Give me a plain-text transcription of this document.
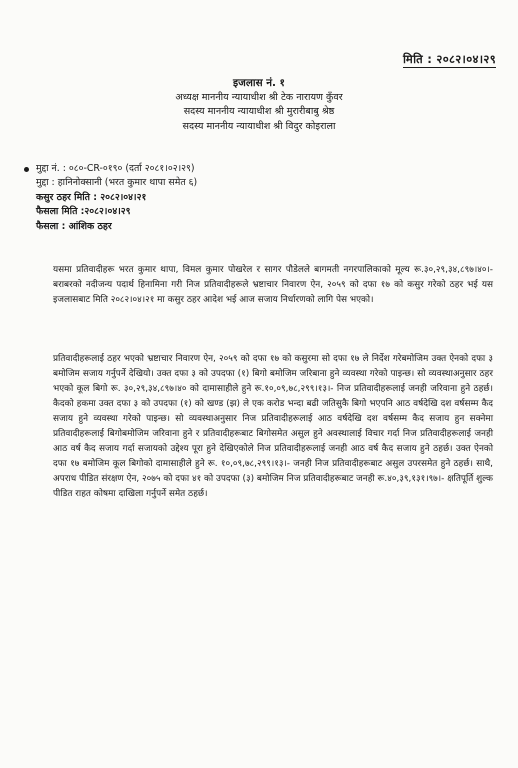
मिति : २०८२।०४।२९
इजलास नं. १
अध्यक्ष माननीय न्यायाधीश श्री टेक नारायण कुँवर
सदस्य माननीय न्यायाधीश श्री मुरारीबाबु श्रेष्ठ
सदस्य माननीय न्यायाधीश श्री विदुर कोइराला
मुद्दा नं. : ०८०-CR-०१९० (दर्ता २०८१।०२।२९)
मुद्दा : हानिनोक्सानी (भरत कुमार थापा समेत ६)
कसुर ठहर मिति : २०८२।०४।२१
फैसला मिति :२०८२।०४।२९
फैसला : आंशिक ठहर
यसमा प्रतिवादीहरू भरत कुमार थापा, विमल कुमार पोखरेल र सागर पौडेलले बागमती नगरपालिकाको मूल्य रू.३०,२९,३४,८९७।४०।- बराबरको नदीजन्य पदार्थ हिनामिना गरी निज प्रतिवादीहरूले भ्रष्टाचार निवारण ऐन, २०५९ को दफा १७ को कसुर गरेको ठहर भई यस इजलासबाट मिति २०८२।०४।२१ मा कसुर ठहर आदेश भई आज सजाय निर्धारणको लागि पेस भएको।
प्रतिवादीहरूलाई ठहर भएको भ्रष्टाचार निवारण ऐन, २०५९ को दफा १७ को कसुरमा सो दफा १७ ले निर्देश गरेबमोजिम उक्त ऐनको दफा ३ बमोजिम सजाय गर्नुपर्ने देखियो। उक्त दफा ३ को उपदफा (१) बिगो बमोजिम जरिबाना हुने व्यवस्था गरेको पाइन्छ। सो व्यवस्थाअनुसार ठहर भएको कूल बिगो रू. ३०,२९,३४,८९७।४० को दामासाहीले हुने रू.१०,०९,७८,२९९।१३।- निज प्रतिवादीहरूलाई जनही जरिवाना हुने ठहर्छ। कैदको हकमा उक्त दफा ३ को उपदफा (१) को खण्ड (झ) ले एक करोड भन्दा बढी जतिसुकै बिगो भएपनि आठ वर्षदेखि दश वर्षसम्म कैद सजाय हुने व्यवस्था गरेको पाइन्छ। सो व्यवस्थाअनुसार निज प्रतिवादीहरूलाई आठ वर्षदेखि दश वर्षसम्म कैद सजाय हुन सक्नेमा प्रतिवादीहरूलाई बिगोबमोजिम जरिवाना हुने र प्रतिवादीहरूबाट बिगोसमेत असुल हुने अवस्थालाई विचार गर्दा निज प्रतिवादीहरूलाई जनही आठ वर्ष कैद सजाय गर्दा सजायको उद्देश्य पूरा हुने देखिएकोले निज प्रतिवादीहरूलाई जनही आठ वर्ष कैद सजाय हुने ठहर्छ। उक्त ऐनको दफा १७ बमोजिम कूल बिगोको दामासाहीले हुने रू. १०,०९,७८,२९९।१३।- जनही निज प्रतिवादीहरूबाट असुल उपरसमेत हुने ठहर्छ। साथै, अपराध पीडित संरक्षण ऐन, २०७५ को दफा ४१ को उपदफा (३) बमोजिम निज प्रतिवादीहरूबाट जनही रू.४०,३९,१३१।९७।- क्षतिपूर्ति शुल्क पीडित राहत कोषमा दाखिला गर्नुपर्ने समेत ठहर्छ।
